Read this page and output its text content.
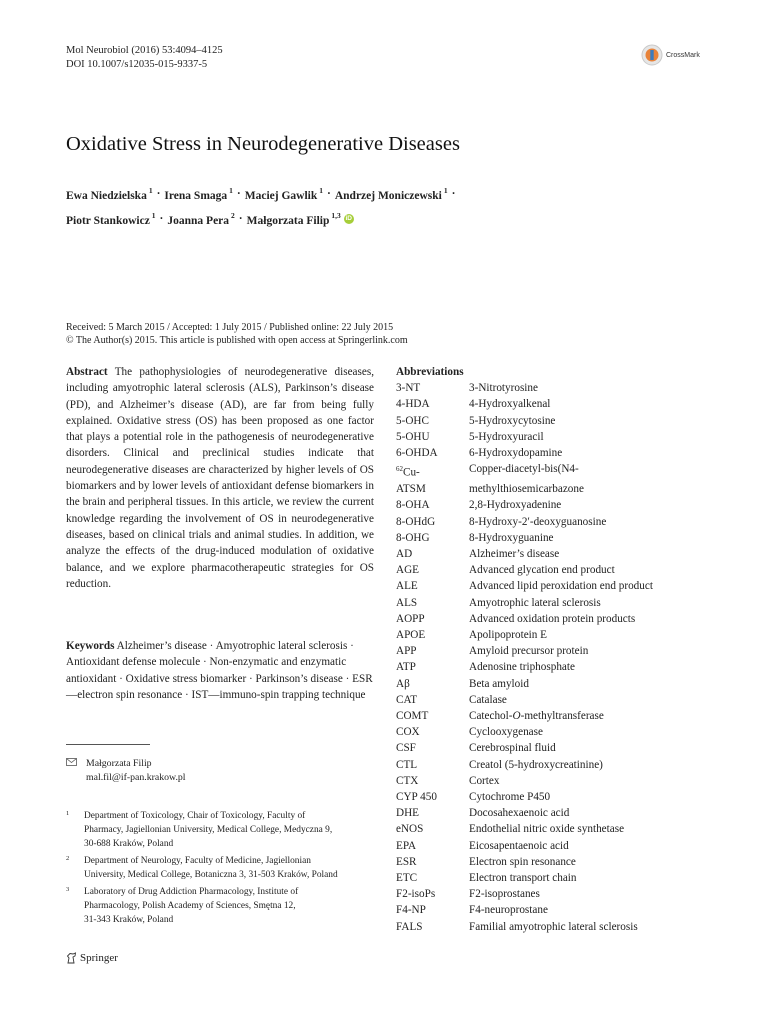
Mol Neurobiol (2016) 53:4094–4125
DOI 10.1007/s12035-015-9337-5
CrossMark
Oxidative Stress in Neurodegenerative Diseases
Ewa Niedzielska $^1$ · Irena Smaga $^1$ · Maciej Gawlik $^1$ · Andrzej Moniczewski $^1$ ·
Piotr Stankowicz $^1$ · Joanna Pera $^2$ · Małgorzata Filip $^{1,3}$ iD
Received: 5 March 2015 / Accepted: 1 July 2015 / Published online: 22 July 2015
© The Author(s) 2015. This article is published with open access at Springerlink.com
Abstract The pathophysiologies of neurodegenerative diseases, including amyotrophic lateral sclerosis (ALS), Parkinson’s disease (PD), and Alzheimer’s disease (AD), are far from being fully explained. Oxidative stress (OS) has been proposed as one factor that plays a potential role in the pathogenesis of neurodegenerative disorders. Clinical and preclinical studies indicate that neurodegenerative diseases are characterized by higher levels of OS biomarkers and by lower levels of antioxidant defense biomarkers in the brain and peripheral tissues. In this article, we review the current knowledge regarding the involvement of OS in neurodegenerative diseases, based on clinical trials and animal studies. In addition, we analyze the effects of the drug-induced modulation of oxidative balance, and we explore pharmacotherapeutic strategies for OS reduction.
Keywords Alzheimer’s disease · Amyotrophic lateral sclerosis · Antioxidant defense molecule · Non-enzymatic and enzymatic antioxidant · Oxidative stress biomarker · Parkinson’s disease · ESR—electron spin resonance · IST—immuno-spin trapping technique
Małgorzata Filip
mal.fil@if-pan.krakow.pl
1 Department of Toxicology, Chair of Toxicology, Faculty of
Pharmacy, Jagiellonian University, Medical College, Medyczna 9,
30-688 Kraków, Poland
2 Department of Neurology, Faculty of Medicine, Jagiellonian
University, Medical College, Botaniczna 3, 31-503 Kraków, Poland
3 Laboratory of Drug Addiction Pharmacology, Institute of
Pharmacology, Polish Academy of Sciences, Smętna 12,
31-343 Kraków, Poland
Springer
Abbreviations
3-NT	3-Nitrotyrosine
4-HDA	4-Hydroxyalkenal
5-OHC	5-Hydroxycytosine
5-OHU	5-Hydroxyuracil
6-OHDA	6-Hydroxydopamine
$^{62}$Cu-	Copper-diacetyl-bis(N4-
ATSM	methylthiosemicarbazone
8-OHA	2,8-Hydroxyadenine
8-OHdG	8-Hydroxy-2′-deoxyguanosine
8-OHG	8-Hydroxyguanine
AD	Alzheimer’s disease
AGE	Advanced glycation end product
ALE	Advanced lipid peroxidation end product
ALS	Amyotrophic lateral sclerosis
AOPP	Advanced oxidation protein products
APOE	Apolipoprotein E
APP	Amyloid precursor protein
ATP	Adenosine triphosphate
Aβ	Beta amyloid
CAT	Catalase
COMT	Catechol-O-methyltransferase
COX	Cyclooxygenase
CSF	Cerebrospinal fluid
CTL	Creatol (5-hydroxycreatinine)
CTX	Cortex
CYP 450	Cytochrome P450
DHE	Docosahexaenoic acid
eNOS	Endothelial nitric oxide synthetase
EPA	Eicosapentaenoic acid
ESR	Electron spin resonance
ETC	Electron transport chain
F2-isoPs	F2-isoprostanes
F4-NP	F4-neuroprostane
FALS	Familial amyotrophic lateral sclerosis
